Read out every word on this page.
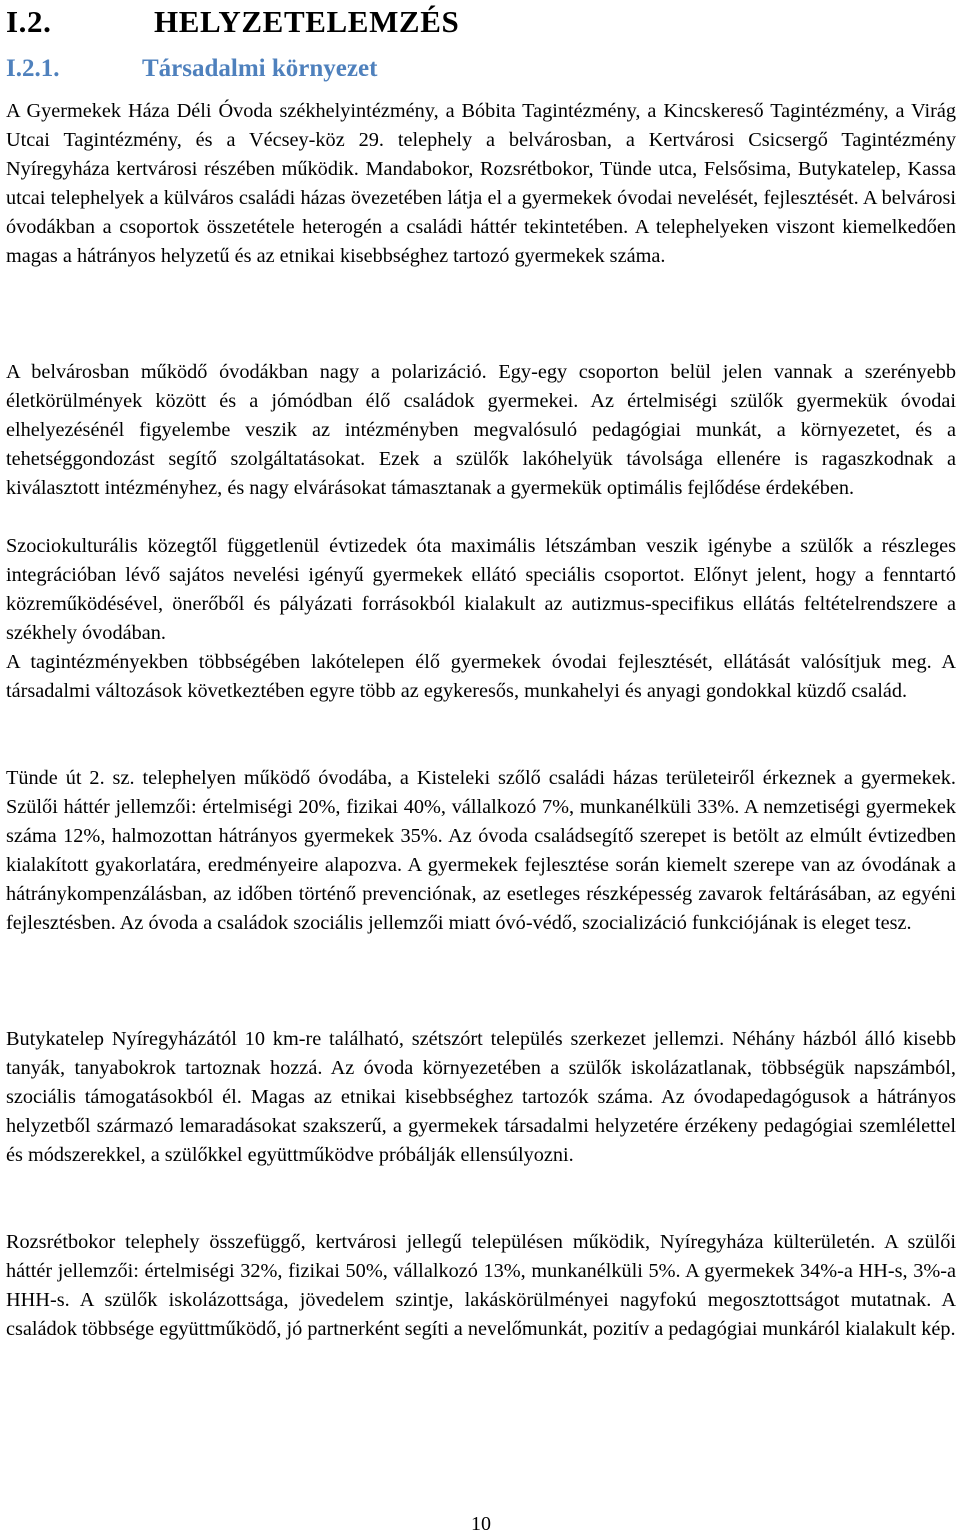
I.2.	HELYZETELEMZÉS
I.2.1.	Társadalmi környezet

A Gyermekek Háza Déli Óvoda székhelyintézmény, a Bóbita Tagintézmény, a Kincskereső Tagintézmény, a Virág Utcai Tagintézmény, és a Vécsey-köz 29. telephely a belvárosban, a Kertvárosi Csicsergő Tagintézmény Nyíregyháza kertvárosi részében működik. Mandabokor, Rozsrétbokor, Tünde utca, Felsősima, Butykatelep, Kassa utcai telephelyek a külváros családi házas övezetében látja el a gyermekek óvodai nevelését, fejlesztését. A belvárosi óvodákban a csoportok összetétele heterogén a családi háttér tekintetében. A telephelyeken viszont kiemelkedően magas a hátrányos helyzetű és az etnikai kisebbséghez tartozó gyermekek száma.

A belvárosban működő óvodákban nagy a polarizáció. Egy-egy csoporton belül jelen vannak a szerényebb életkörülmények között és a jómódban élő családok gyermekei. Az értelmiségi szülők gyermekük óvodai elhelyezésénél figyelembe veszik az intézményben megvalósuló pedagógiai munkát, a környezetet, és a tehetséggondozást segítő szolgáltatásokat. Ezek a szülők lakóhelyük távolsága ellenére is ragaszkodnak a kiválasztott intézményhez, és nagy elvárásokat támasztanak a gyermekük optimális fejlődése érdekében.

Szociokulturális közegtől függetlenül évtizedek óta maximális létszámban veszik igénybe a szülők a részleges integrációban lévő sajátos nevelési igényű gyermekek ellátó speciális csoportot. Előnyt jelent, hogy a fenntartó közreműködésével, önerőből és pályázati forrásokból kialakult az autizmus-specifikus ellátás feltételrendszere a székhely óvodában.

A tagintézményekben többségében lakótelepen élő gyermekek óvodai fejlesztését, ellátását valósítjuk meg. A társadalmi változások következtében egyre több az egykeresős, munkahelyi és anyagi gondokkal küzdő család.

Tünde út 2. sz. telephelyen működő óvodába, a Kisteleki szőlő családi házas területeiről érkeznek a gyermekek. Szülői háttér jellemzői: értelmiségi 20%, fizikai 40%, vállalkozó 7%, munkanélküli 33%. A nemzetiségi gyermekek száma 12%, halmozottan hátrányos gyermekek 35%. Az óvoda családsegítő szerepet is betölt az elmúlt évtizedben kialakított gyakorlatára, eredményeire alapozva. A gyermekek fejlesztése során kiemelt szerepe van az óvodának a hátránykompenzálásban, az időben történő prevenciónak, az esetleges részképesség zavarok feltárásában, az egyéni fejlesztésben. Az óvoda a családok szociális jellemzői miatt óvó-védő, szocializáció funkciójának is eleget tesz.

Butykatelep Nyíregyházától 10 km-re található, szétszórt település szerkezet jellemzi. Néhány házból álló kisebb tanyák, tanyabokrok tartoznak hozzá. Az óvoda környezetében a szülők iskolázatlanak, többségük napszámból, szociális támogatásokból él. Magas az etnikai kisebbséghez tartozók száma. Az óvodapedagógusok a hátrányos helyzetből származó lemaradásokat szakszerű, a gyermekek társadalmi helyzetére érzékeny pedagógiai szemlélettel és módszerekkel, a szülőkkel együttműködve próbálják ellensúlyozni.

Rozsrétbokor telephely összefüggő, kertvárosi jellegű településen működik, Nyíregyháza külterületén. A szülői háttér jellemzői: értelmiségi 32%, fizikai 50%, vállalkozó 13%, munkanélküli 5%. A gyermekek 34%-a HH-s, 3%-a HHH-s. A szülők iskolázottsága, jövedelem szintje, lakáskörülményei nagyfokú megosztottságot mutatnak. A családok többsége együttműködő, jó partnerként segíti a nevelőmunkát, pozitív a pedagógiai munkáról kialakult kép.

10
